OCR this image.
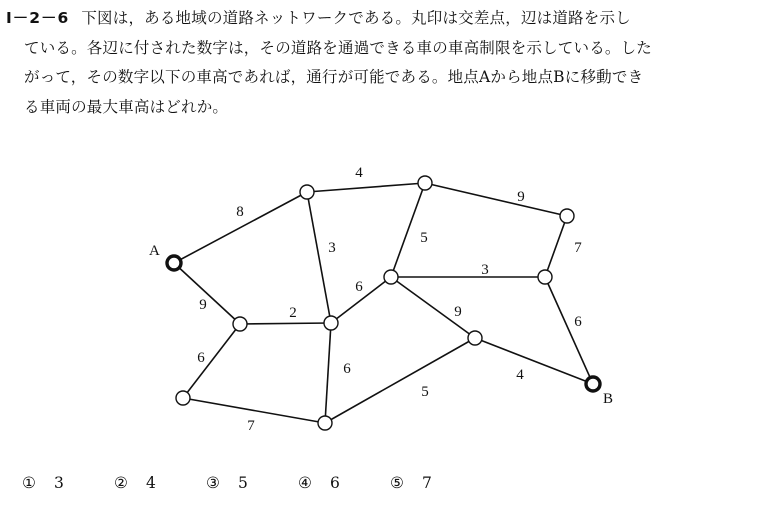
I－2－6 下図は，ある地域の道路ネットワークである。丸印は交差点，辺は道路を示し
ている。各辺に付された数字は，その道路を通過できる車の車高制限を示している。した
がって，その数字以下の車高であれば，通行が可能である。地点Aから地点Bに移動でき
る車両の最大車高はどれか。
8
4
9
3
5
7
3
9	2
6
9
6
6
6
7
5
4
A
B
①	3	②	4	③	5	④	6	⑤	7
